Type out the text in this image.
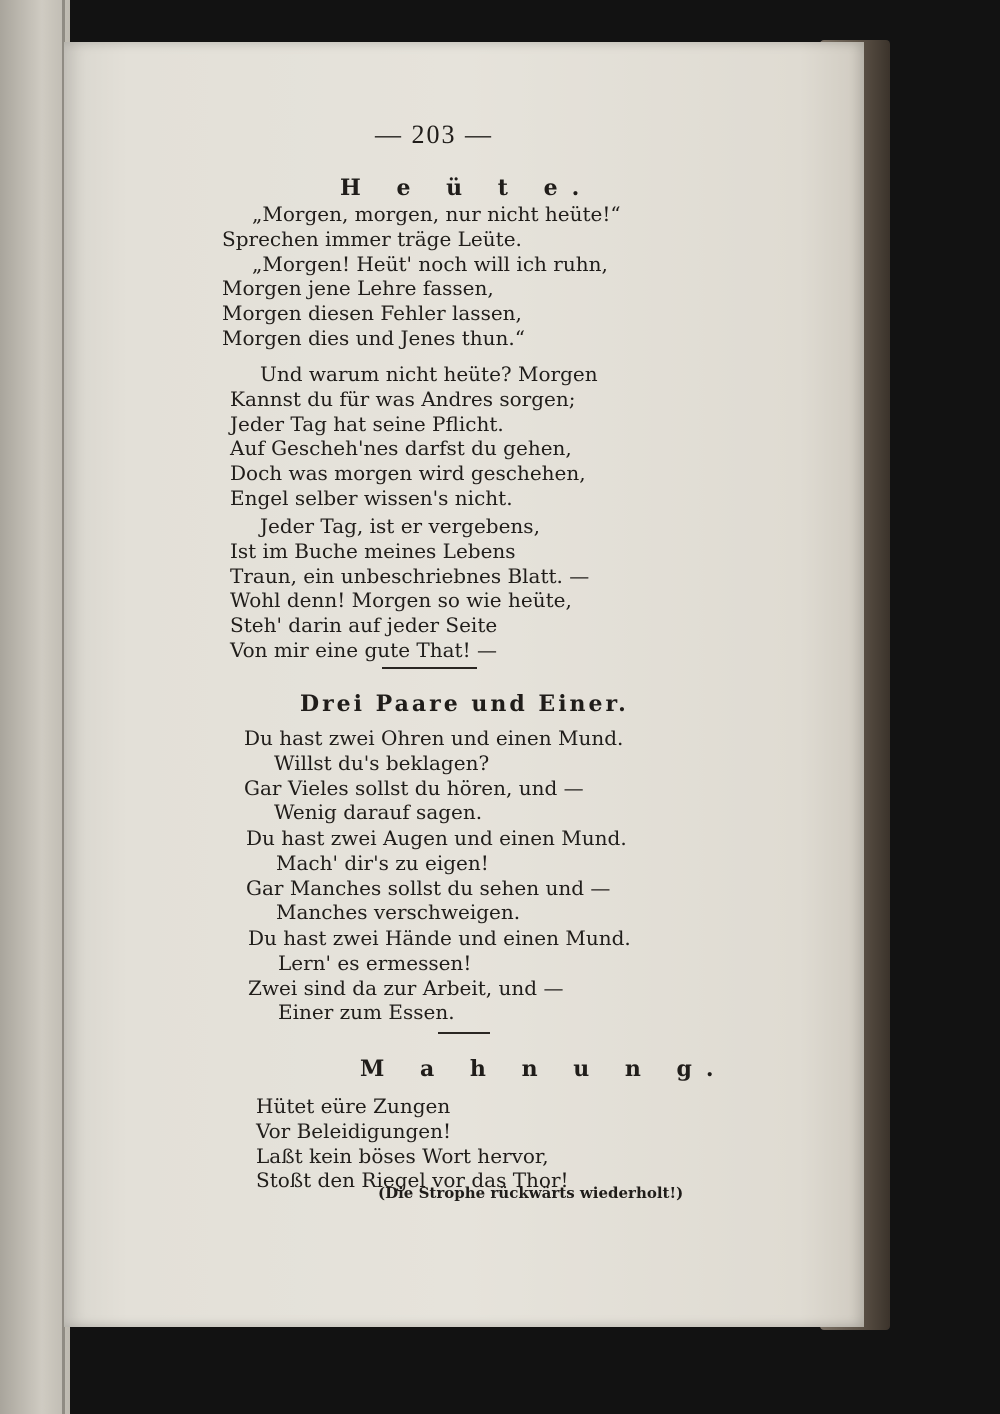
— 203 —
H e ü t e.
„Morgen, morgen, nur nicht heüte!“
Sprechen immer träge Leüte.
„Morgen! Heüt' noch will ich ruhn,
Morgen jene Lehre fassen,
Morgen diesen Fehler lassen,
Morgen dies und Jenes thun.“
Und warum nicht heüte? Morgen
Kannst du für was Andres sorgen;
Jeder Tag hat seine Pflicht.
Auf Gescheh'nes darfst du gehen,
Doch was morgen wird geschehen,
Engel selber wissen's nicht.
Jeder Tag, ist er vergebens,
Ist im Buche meines Lebens
Traun, ein unbeschriebnes Blatt. —
Wohl denn! Morgen so wie heüte,
Steh' darin auf jeder Seite
Von mir eine gute That! —
Drei Paare und Einer.
Du hast zwei Ohren und einen Mund.
Willst du's beklagen?
Gar Vieles sollst du hören, und —
Wenig darauf sagen.
Du hast zwei Augen und einen Mund.
Mach' dir's zu eigen!
Gar Manches sollst du sehen und —
Manches verschweigen.
Du hast zwei Hände und einen Mund.
Lern' es ermessen!
Zwei sind da zur Arbeit, und —
Einer zum Essen.
M a h n u n g.
Hütet eüre Zungen
Vor Beleidigungen!
Laßt kein böses Wort hervor,
Stoßt den Riegel vor das Thor!
(Die Strophe rückwärts wiederholt!)
